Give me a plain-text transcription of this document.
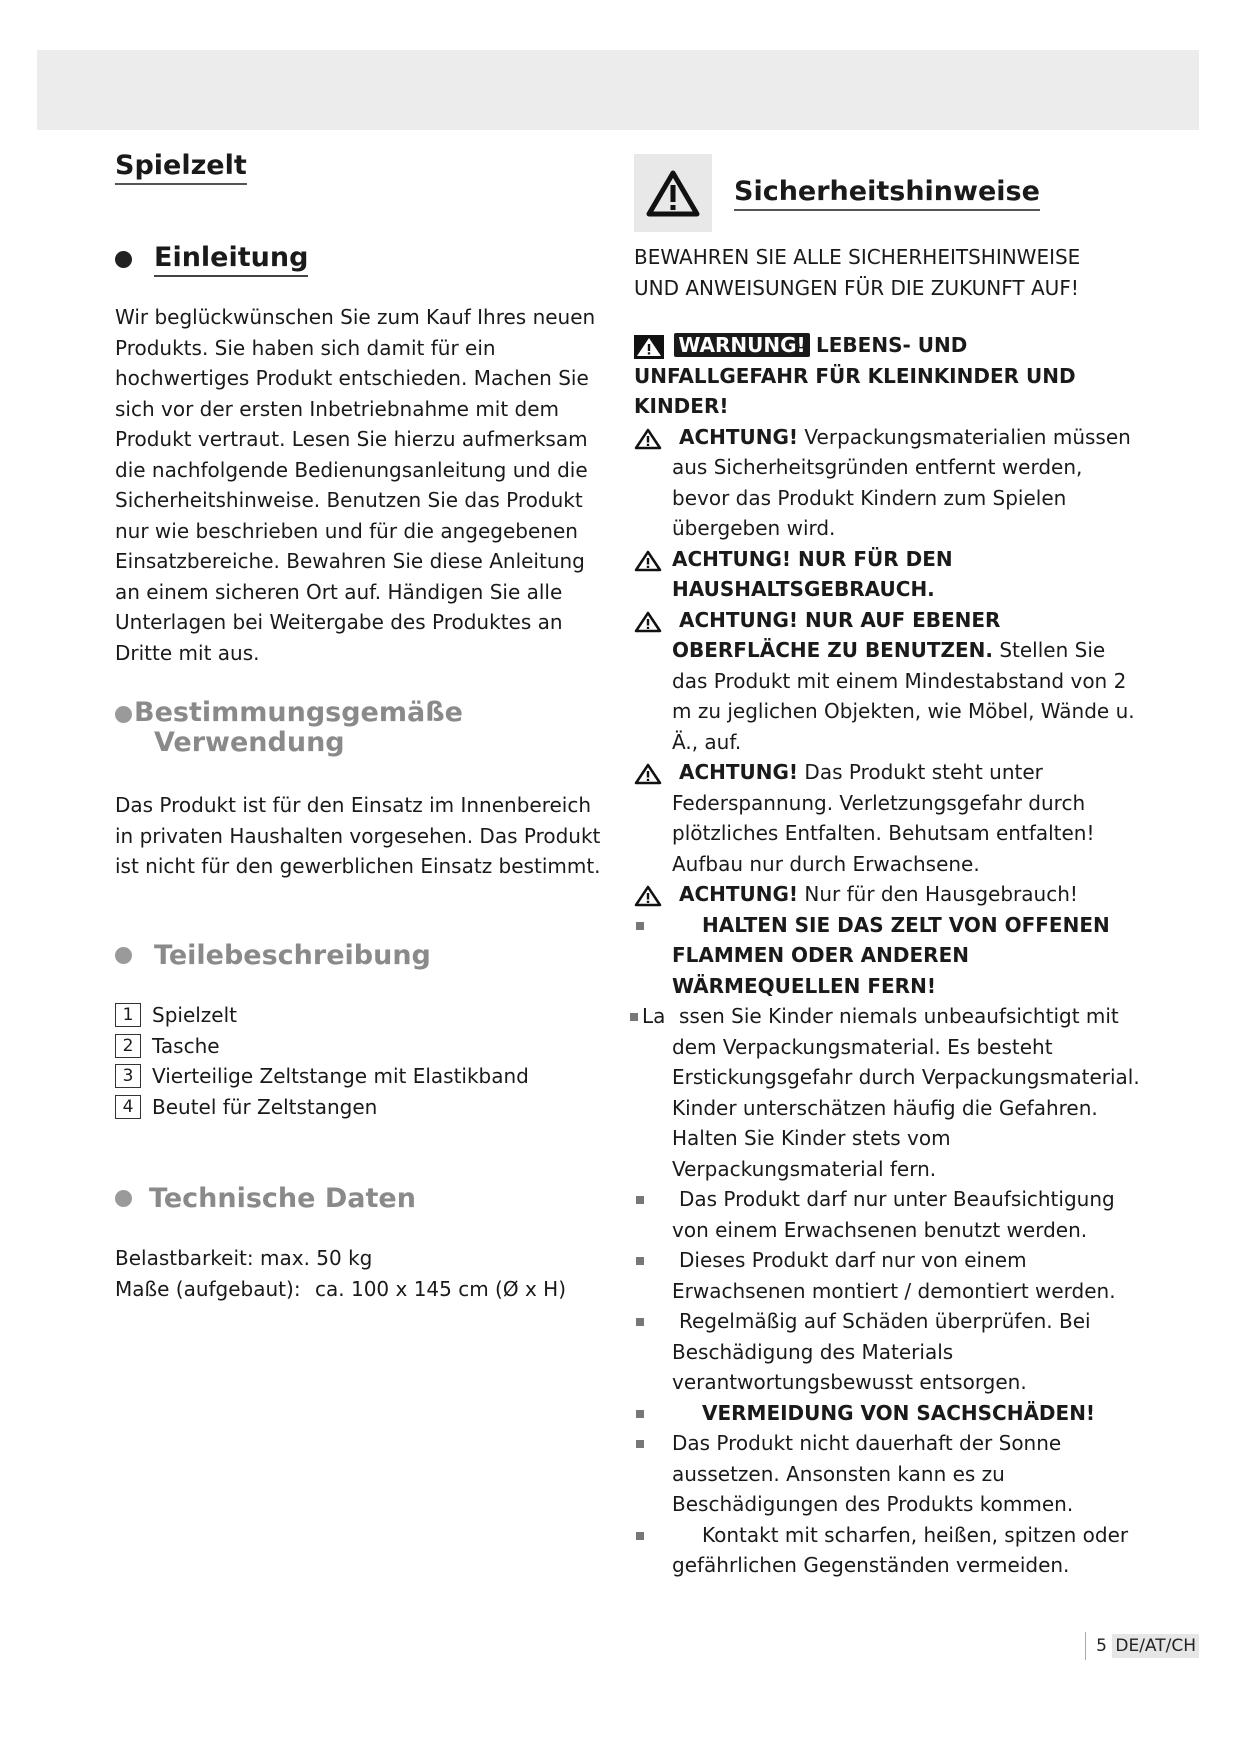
Spielzelt
Einleitung

Wir beglückwünschen Sie zum Kauf Ihres neuen Produkts. Sie haben sich damit für ein hochwertiges Produkt entschieden. Machen Sie sich vor der ersten Inbetriebnahme mit dem Produkt vertraut. Lesen Sie hierzu aufmerksam die nachfolgende Bedienungsanleitung und die Sicherheitshinweise. Benutzen Sie das Produkt nur wie beschrieben und für die angegebenen Einsatzbereiche. Bewahren Sie diese Anleitung an einem sicheren Ort auf. Händigen Sie alle Unterlagen bei Weitergabe des Produktes an Dritte mit aus.

Bestimmungsgemäße
Verwendung

Das Produkt ist für den Einsatz im Innenbereich in privaten Haushalten vorgesehen. Das Produkt ist nicht für den gewerblichen Einsatz bestimmt.

Teilebeschreibung
1 Spielzelt
2 Tasche
3 Vierteilige Zeltstange mit Elastikband
4 Beutel für Zeltstangen
Technische Daten
Belastbarkeit: max. 50 kg
Maße (aufgebaut): ca. 100 x 145 cm (Ø x H)
Sicherheitshinweise

BEWAHREN SIE ALLE SICHERHEITSHINWEISE
UND ANWEISUNGEN FÜR DIE ZUKUNFT AUF!

WARNUNG! LEBENS- UND UNFALLGEFAHR FÜR KLEINKINDER UND KINDER!
ACHTUNG! Verpackungsmaterialien müssen aus Sicherheitsgründen entfernt werden, bevor das Produkt Kindern zum Spielen übergeben wird.
ACHTUNG! NUR FÜR DEN HAUSHALTSGEBRAUCH.
ACHTUNG! NUR AUF EBENER OBERFLÄCHE ZU BENUTZEN. Stellen Sie das Produkt mit einem Mindestabstand von 2 m zu jeglichen Objekten, wie Möbel, Wände u. Ä., auf.
ACHTUNG! Das Produkt steht unter Federspannung. Verletzungsgefahr durch plötzliches Entfalten. Behutsam entfalten! Aufbau nur durch Erwachsene.
ACHTUNG! Nur für den Hausgebrauch!
HALTEN SIE DAS ZELT VON OFFENEN FLAMMEN ODER ANDEREN WÄRMEQUELLEN FERN!
La ssen Sie Kinder niemals unbeaufsichtigt mit dem Verpackungsmaterial. Es besteht Erstickungsgefahr durch Verpackungsmaterial. Kinder unterschätzen häufig die Gefahren. Halten Sie Kinder stets vom Verpackungsmaterial fern.
Das Produkt darf nur unter Beaufsichtigung von einem Erwachsenen benutzt werden.
Dieses Produkt darf nur von einem Erwachsenen montiert / demontiert werden.
Regelmäßig auf Schäden überprüfen. Bei Beschädigung des Materials verantwortungsbewusst entsorgen.
VERMEIDUNG VON SACHSCHÄDEN!
Das Produkt nicht dauerhaft der Sonne aussetzen. Ansonsten kann es zu Beschädigungen des Produkts kommen.
Kontakt mit scharfen, heißen, spitzen oder gefährlichen Gegenständen vermeiden.
5
DE/AT/CH
